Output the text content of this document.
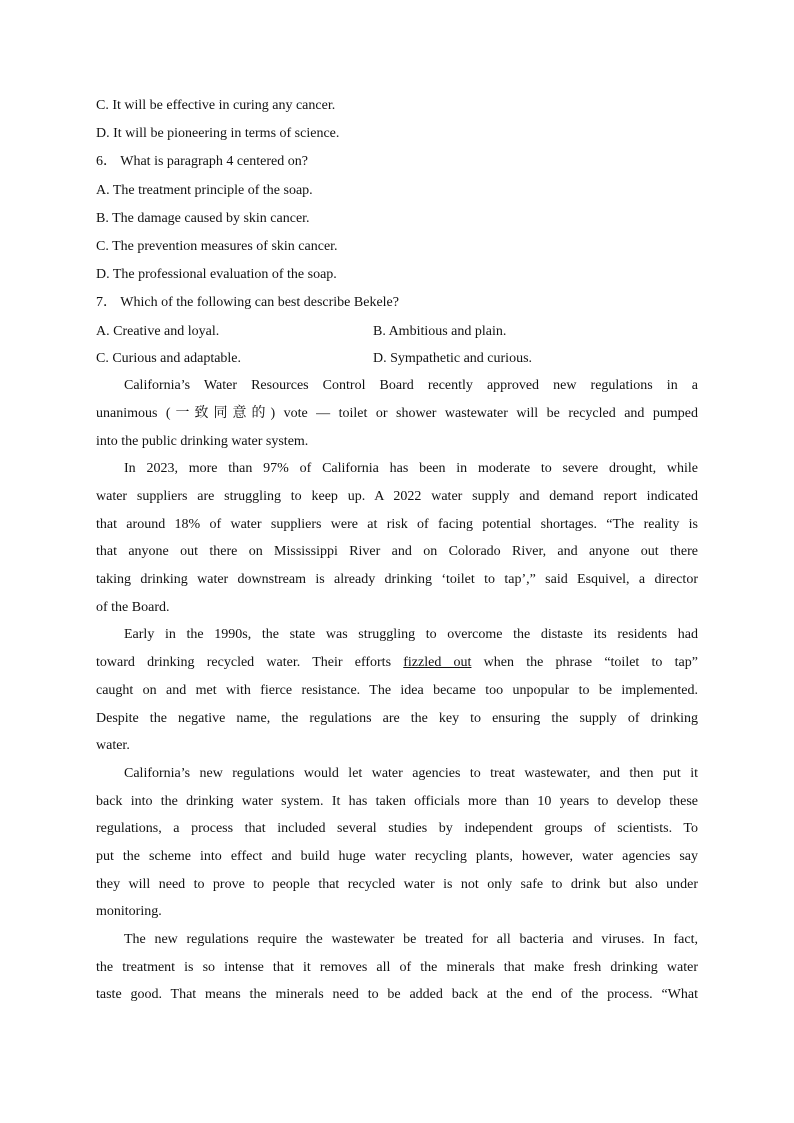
C. It will be effective in curing any cancer.
D. It will be pioneering in terms of science.
6． What is paragraph 4 centered on?
A. The treatment principle of the soap.
B. The damage caused by skin cancer.
C. The prevention measures of skin cancer.
D. The professional evaluation of the soap.
7． Which of the following can best describe Bekele?
A. Creative and loyal.	B. Ambitious and plain.
C. Curious and adaptable.	D. Sympathetic and curious.
California’s Water Resources Control Board recently approved new regulations in a
unanimous (一致同意的) vote — toilet or shower wastewater will be recycled and pumped
into the public drinking water system.
In 2023, more than 97% of California has been in moderate to severe drought, while
water suppliers are struggling to keep up. A 2022 water supply and demand report indicated
that around 18% of water suppliers were at risk of facing potential shortages. “The reality is
that anyone out there on Mississippi River and on Colorado River, and anyone out there
taking drinking water downstream is already drinking ‘toilet to tap’,” said Esquivel, a director
of the Board.
Early in the 1990s, the state was struggling to overcome the distaste its residents had
toward drinking recycled water. Their efforts fizzled out when the phrase “toilet to tap”
caught on and met with fierce resistance. The idea became too unpopular to be implemented.
Despite the negative name, the regulations are the key to ensuring the supply of drinking
water.
California’s new regulations would let water agencies to treat wastewater, and then put it
back into the drinking water system. It has taken officials more than 10 years to develop these
regulations, a process that included several studies by independent groups of scientists. To
put the scheme into effect and build huge water recycling plants, however, water agencies say
they will need to prove to people that recycled water is not only safe to drink but also under
monitoring.
The new regulations require the wastewater be treated for all bacteria and viruses. In fact,
the treatment is so intense that it removes all of the minerals that make fresh drinking water
taste good. That means the minerals need to be added back at the end of the process. “What
